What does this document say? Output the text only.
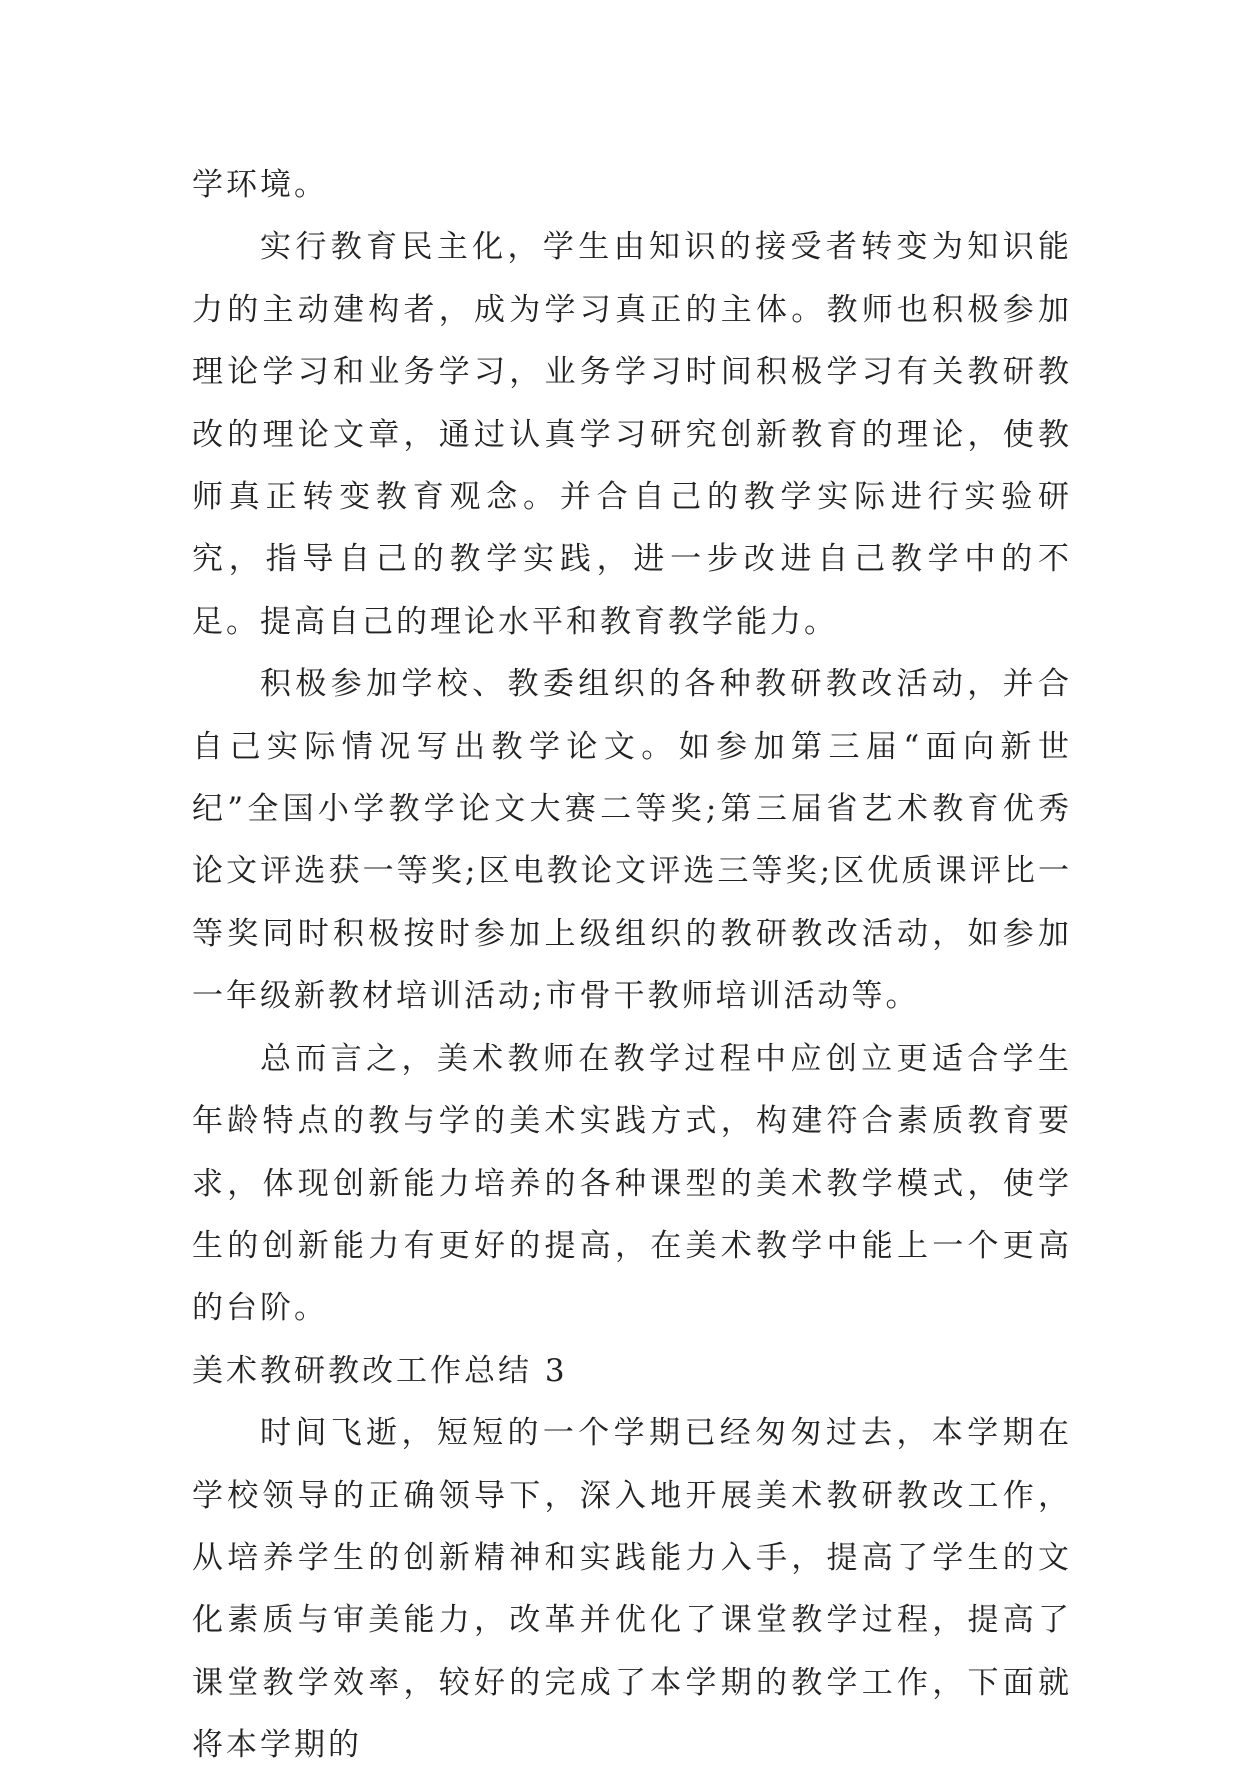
学环境。

实行教育民主化，学生由知识的接受者转变为知识能力的主动建构者，成为学习真正的主体。教师也积极参加理论学习和业务学习，业务学习时间积极学习有关教研教改的理论文章，通过认真学习研究创新教育的理论，使教师真正转变教育观念。并合自己的教学实际进行实验研究，指导自己的教学实践，进一步改进自己教学中的不足。提高自己的理论水平和教育教学能力。

积极参加学校、教委组织的各种教研教改活动，并合自己实际情况写出教学论文。如参加第三届“面向新世纪”全国小学教学论文大赛二等奖;第三届省艺术教育优秀论文评选获一等奖;区电教论文评选三等奖;区优质课评比一等奖同时积极按时参加上级组织的教研教改活动，如参加一年级新教材培训活动;市骨干教师培训活动等。

总而言之，美术教师在教学过程中应创立更适合学生年龄特点的教与学的美术实践方式，构建符合素质教育要求，体现创新能力培养的各种课型的美术教学模式，使学生的创新能力有更好的提高，在美术教学中能上一个更高的台阶。

美术教研教改工作总结 3

时间飞逝，短短的一个学期已经匆匆过去，本学期在学校领导的正确领导下，深入地开展美术教研教改工作，从培养学生的创新精神和实践能力入手，提高了学生的文化素质与审美能力，改革并优化了课堂教学过程，提高了课堂教学效率，较好的完成了本学期的教学工作，下面就将本学期的
